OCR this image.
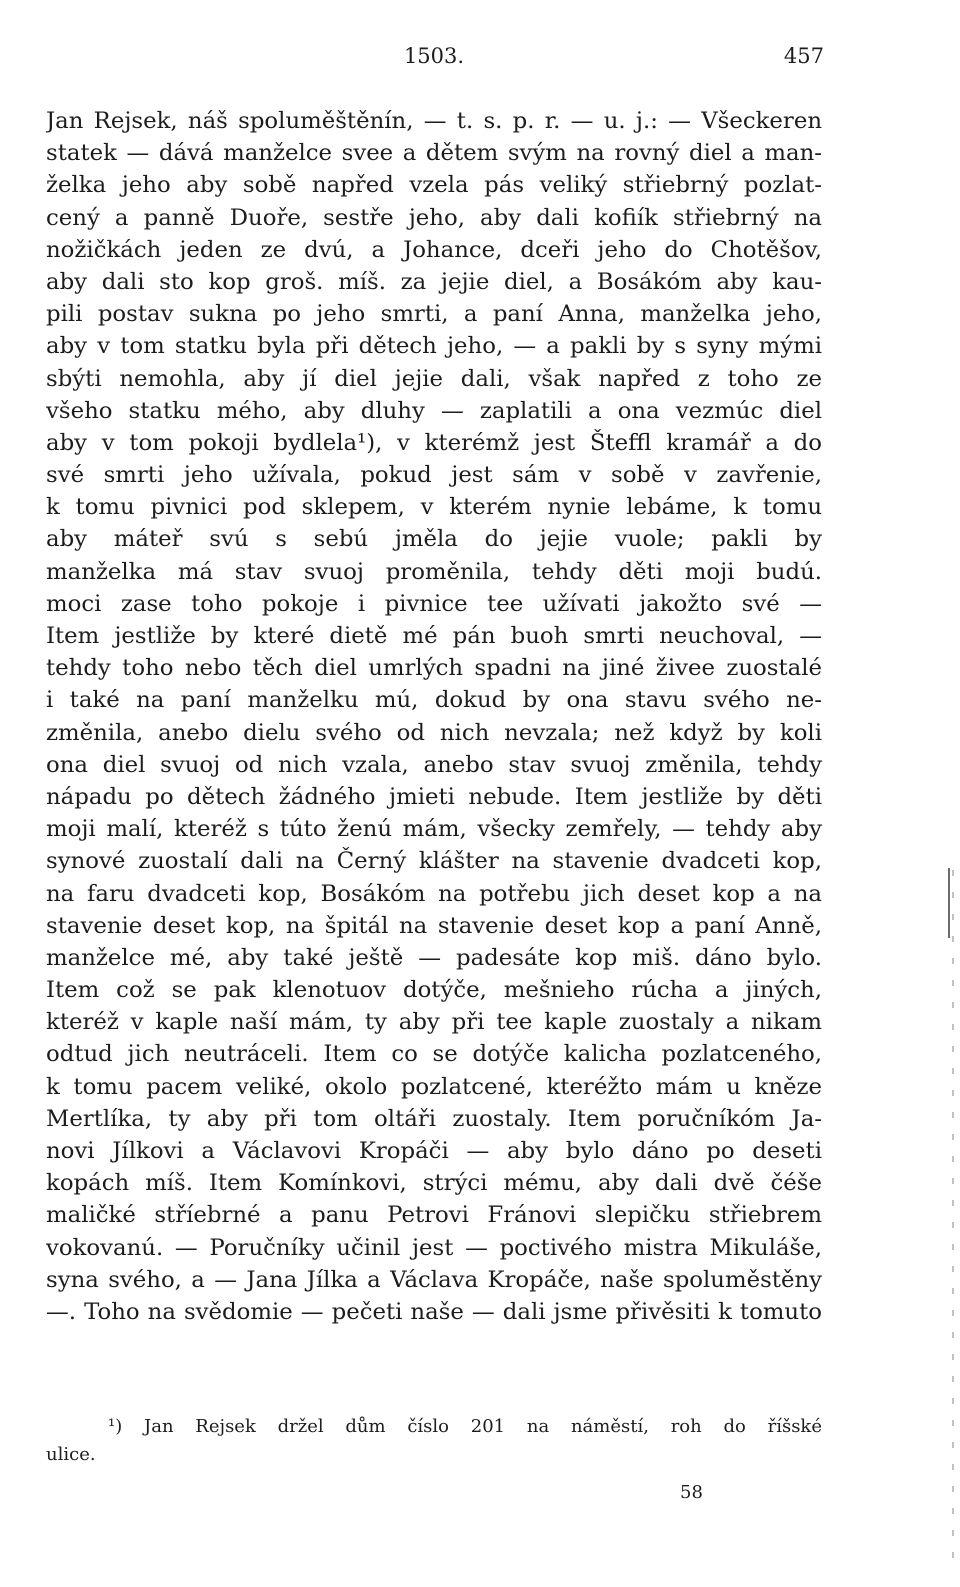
1503.	457
Jan Rejsek, náš spoluměštěnín, — t. s. p. r. — u. j.: — Všeckeren
statek — dává manželce svee a dětem svým na rovný diel a man-
želka jeho aby sobě napřed vzela pás veliký střiebrný pozlat-
cený a panně Duoře, sestře jeho, aby dali kofiík střiebrný na
nožičkách jeden ze dvú, a Johance, dceři jeho do Chotěšov,
aby dali sto kop groš. míš. za jejie diel, a Bosákóm aby kau-
pili postav sukna po jeho smrti, a paní Anna, manželka jeho,
aby v tom statku byla při dětech jeho, — a pakli by s syny mými
sbýti nemohla, aby jí diel jejie dali, však napřed z toho ze
všeho statku mého, aby dluhy — zaplatili a ona vezmúc diel
aby v tom pokoji bydlela¹), v kterémž jest Šteffl kramář a do
své smrti jeho užívala, pokud jest sám v sobě v zavřenie,
k tomu pivnici pod sklepem, v kterém nynie lebáme, k tomu
aby máteř svú s sebú jměla do jejie vuole; pakli by
manželka má stav svuoj proměnila, tehdy děti moji budú.
moci zase toho pokoje i pivnice tee užívati jakožto své —
Item jestliže by které dietě mé pán buoh smrti neuchoval, —
tehdy toho nebo těch diel umrlých spadni na jiné živee zuostalé
i také na paní manželku mú, dokud by ona stavu svého ne-
změnila, anebo dielu svého od nich nevzala; než když by koli
ona diel svuoj od nich vzala, anebo stav svuoj změnila, tehdy
nápadu po dětech žádného jmieti nebude. Item jestliže by děti
moji malí, kteréž s túto ženú mám, všecky zemřely, — tehdy aby
synové zuostalí dali na Černý klášter na stavenie dvadceti kop,
na faru dvadceti kop, Bosákóm na potřebu jich deset kop a na
stavenie deset kop, na špitál na stavenie deset kop a paní Anně,
manželce mé, aby také ještě — padesáte kop miš. dáno bylo.
Item což se pak klenotuov dotýče, mešnieho rúcha a jiných,
kteréž v kaple naší mám, ty aby při tee kaple zuostaly a nikam
odtud jich neutráceli. Item co se dotýče kalicha pozlatceného,
k tomu pacem veliké, okolo pozlatcené, kteréžto mám u kněze
Mertlíka, ty aby při tom oltáři zuostaly. Item poručníkóm Ja-
novi Jílkovi a Václavovi Kropáči — aby bylo dáno po deseti
kopách míš. Item Komínkovi, strýci mému, aby dali dvě čéše
maličké stříebrné a panu Petrovi Fránovi slepičku střiebrem
vokovanú. — Poručníky učinil jest — poctivého mistra Mikuláše,
syna svého, a — Jana Jílka a Václava Kropáče, naše spoluměstěny
—. Toho na svědomie — pečeti naše — dali jsme přivěsiti k tomuto
¹) Jan Rejsek držel dům číslo 201 na náměstí, roh do říšské
ulice.
58
